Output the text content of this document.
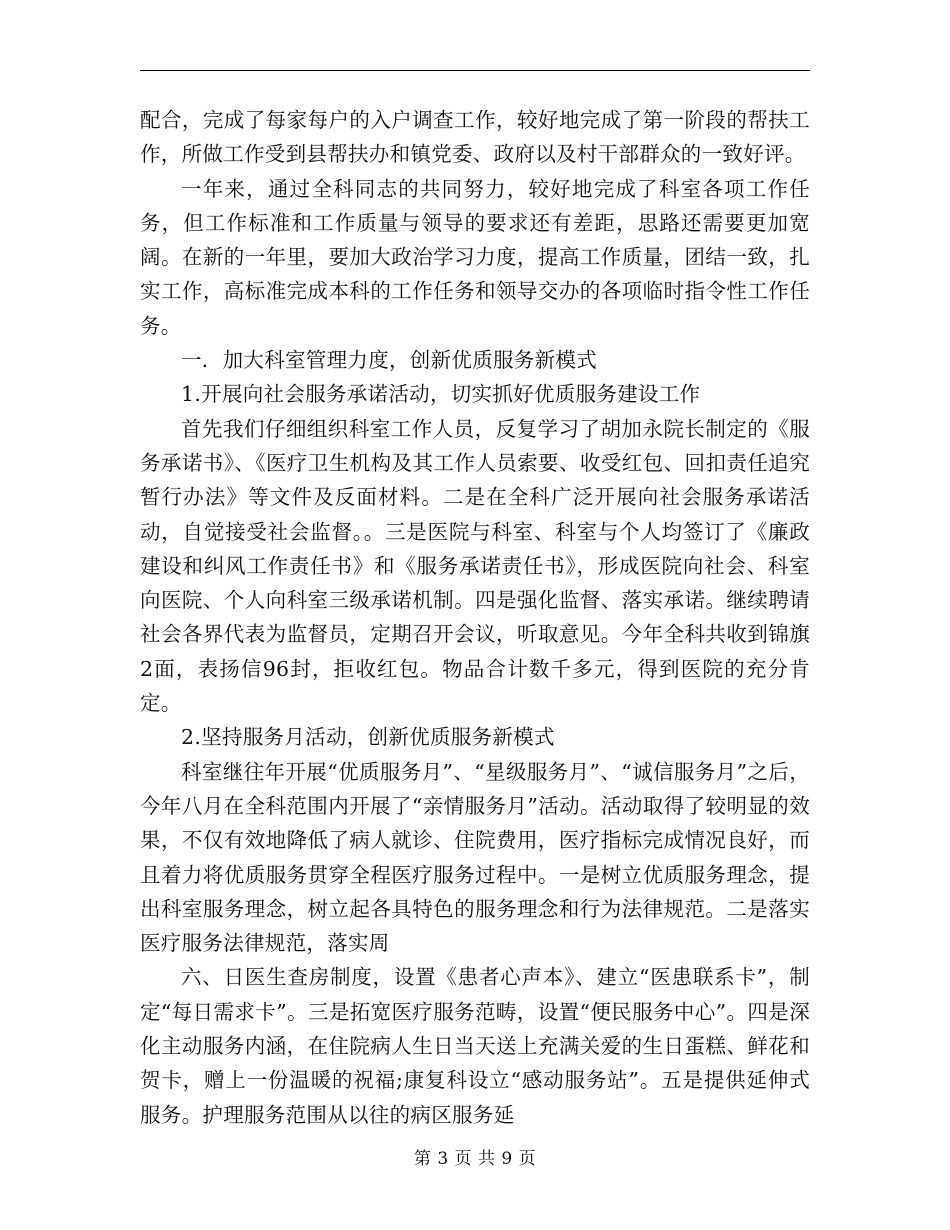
配合，完成了每家每户的入户调查工作，较好地完成了第一阶段的帮扶工作，所做工作受到县帮扶办和镇党委、政府以及村干部群众的一致好评。

一年来，通过全科同志的共同努力，较好地完成了科室各项工作任务，但工作标准和工作质量与领导的要求还有差距，思路还需要更加宽阔。在新的一年里，要加大政治学习力度，提高工作质量，团结一致，扎实工作，高标准完成本科的工作任务和领导交办的各项临时指令性工作任务。

一．加大科室管理力度，创新优质服务新模式

1.开展向社会服务承诺活动，切实抓好优质服务建设工作

首先我们仔细组织科室工作人员，反复学习了胡加永院长制定的《服务承诺书》、《医疗卫生机构及其工作人员索要、收受红包、回扣责任追究暂行办法》等文件及反面材料。二是在全科广泛开展向社会服务承诺活动，自觉接受社会监督。。三是医院与科室、科室与个人均签订了《廉政建设和纠风工作责任书》和《服务承诺责任书》，形成医院向社会、科室向医院、个人向科室三级承诺机制。四是强化监督、落实承诺。继续聘请社会各界代表为监督员，定期召开会议，听取意见。今年全科共收到锦旗2面，表扬信96封，拒收红包。物品合计数千多元，得到医院的充分肯定。

2.坚持服务月活动，创新优质服务新模式

科室继往年开展“优质服务月”、“星级服务月”、“诚信服务月”之后，今年八月在全科范围内开展了“亲情服务月”活动。活动取得了较明显的效果，不仅有效地降低了病人就诊、住院费用，医疗指标完成情况良好，而且着力将优质服务贯穿全程医疗服务过程中。一是树立优质服务理念，提出科室服务理念，树立起各具特色的服务理念和行为法律规范。二是落实医疗服务法律规范，落实周

六、日医生查房制度，设置《患者心声本》、建立“医患联系卡”，制定“每日需求卡”。三是拓宽医疗服务范畴，设置“便民服务中心”。四是深化主动服务内涵，在住院病人生日当天送上充满关爱的生日蛋糕、鲜花和贺卡，赠上一份温暖的祝福;康复科设立“感动服务站”。五是提供延伸式服务。护理服务范围从以往的病区服务延

第 3 页 共 9 页
